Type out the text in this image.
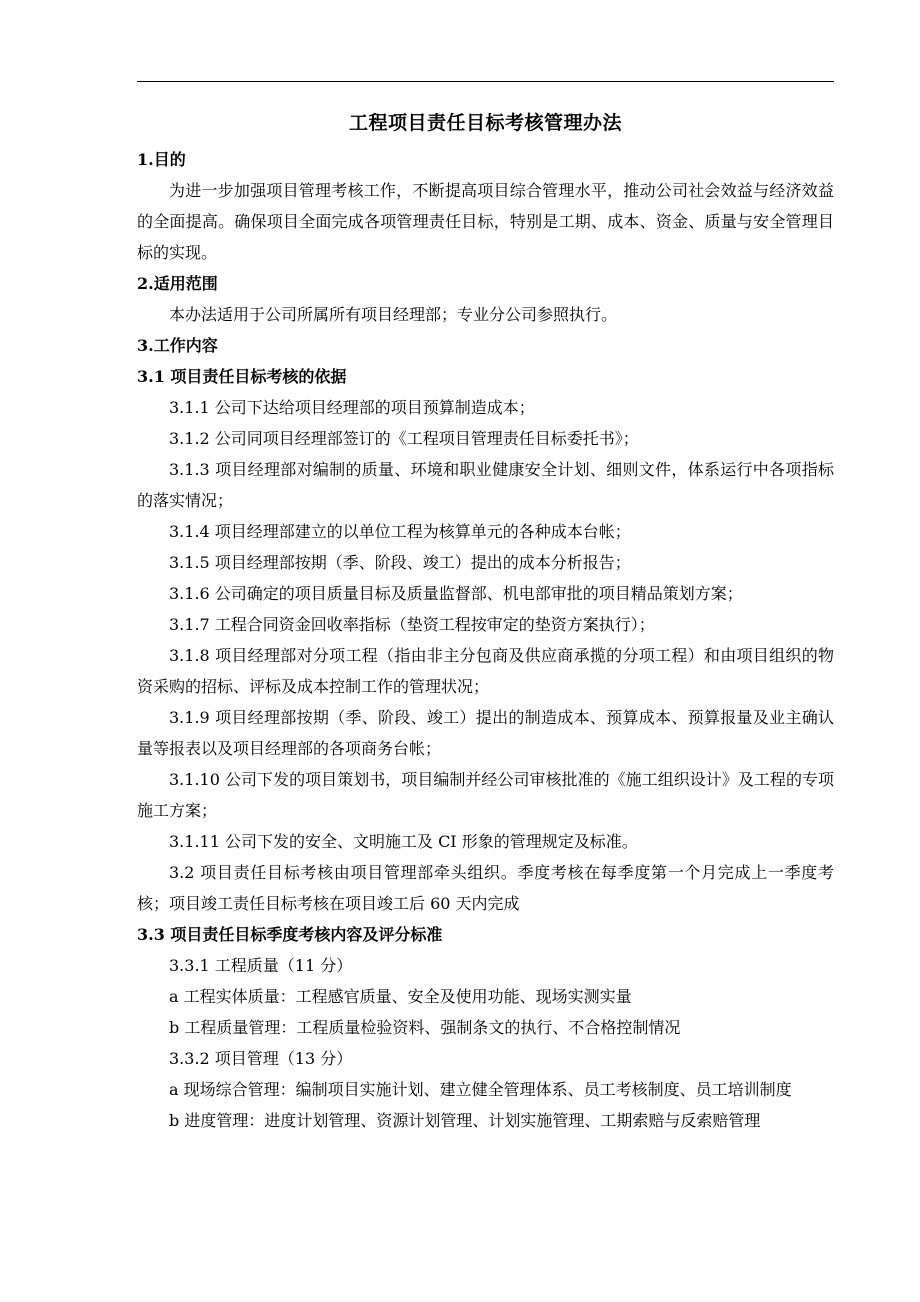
工程项目责任目标考核管理办法

1.目的

为进一步加强项目管理考核工作，不断提高项目综合管理水平，推动公司社会效益与经济效益的全面提高。确保项目全面完成各项管理责任目标，特别是工期、成本、资金、质量与安全管理目标的实现。

2.适用范围

本办法适用于公司所属所有项目经理部；专业分公司参照执行。

3.工作内容

3.1 项目责任目标考核的依据

3.1.1 公司下达给项目经理部的项目预算制造成本；

3.1.2 公司同项目经理部签订的《工程项目管理责任目标委托书》；

3.1.3 项目经理部对编制的质量、环境和职业健康安全计划、细则文件，体系运行中各项指标的落实情况；

3.1.4 项目经理部建立的以单位工程为核算单元的各种成本台帐；

3.1.5 项目经理部按期（季、阶段、竣工）提出的成本分析报告；

3.1.6 公司确定的项目质量目标及质量监督部、机电部审批的项目精品策划方案；

3.1.7 工程合同资金回收率指标（垫资工程按审定的垫资方案执行）；

3.1.8 项目经理部对分项工程（指由非主分包商及供应商承揽的分项工程）和由项目组织的物资采购的招标、评标及成本控制工作的管理状况；

3.1.9 项目经理部按期（季、阶段、竣工）提出的制造成本、预算成本、预算报量及业主确认量等报表以及项目经理部的各项商务台帐；

3.1.10 公司下发的项目策划书，项目编制并经公司审核批准的《施工组织设计》及工程的专项施工方案；

3.1.11 公司下发的安全、文明施工及 CI 形象的管理规定及标准。

3.2 项目责任目标考核由项目管理部牵头组织。季度考核在每季度第一个月完成上一季度考核；项目竣工责任目标考核在项目竣工后 60 天内完成

3.3 项目责任目标季度考核内容及评分标准

3.3.1 工程质量（11 分）

a 工程实体质量：工程感官质量、安全及使用功能、现场实测实量

b 工程质量管理：工程质量检验资料、强制条文的执行、不合格控制情况

3.3.2 项目管理（13 分）

a 现场综合管理：编制项目实施计划、建立健全管理体系、员工考核制度、员工培训制度

b 进度管理：进度计划管理、资源计划管理、计划实施管理、工期索赔与反索赔管理
